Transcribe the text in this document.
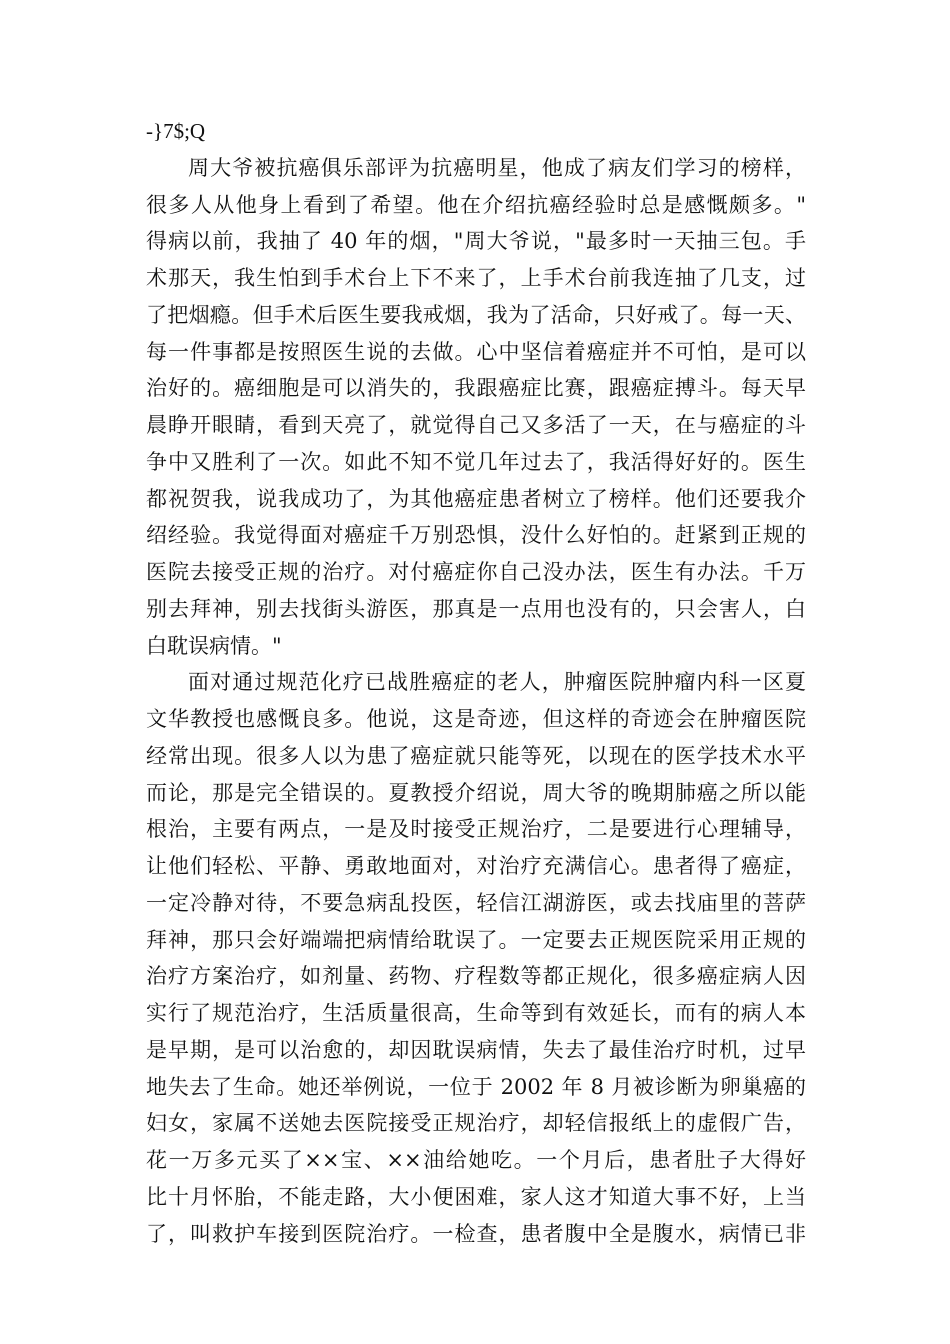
-}7$;Q
周大爷被抗癌俱乐部评为抗癌明星，他成了病友们学习的榜样，
很多人从他身上看到了希望。他在介绍抗癌经验时总是感慨颇多。"
得病以前，我抽了 40 年的烟，"周大爷说，"最多时一天抽三包。手
术那天，我生怕到手术台上下不来了，上手术台前我连抽了几支，过
了把烟瘾。但手术后医生要我戒烟，我为了活命，只好戒了。每一天、
每一件事都是按照医生说的去做。心中坚信着癌症并不可怕，是可以
治好的。癌细胞是可以消失的，我跟癌症比赛，跟癌症搏斗。每天早
晨睁开眼睛，看到天亮了，就觉得自己又多活了一天，在与癌症的斗
争中又胜利了一次。如此不知不觉几年过去了，我活得好好的。医生
都祝贺我，说我成功了，为其他癌症患者树立了榜样。他们还要我介
绍经验。我觉得面对癌症千万别恐惧，没什么好怕的。赶紧到正规的
医院去接受正规的治疗。对付癌症你自己没办法，医生有办法。千万
别去拜神，别去找街头游医，那真是一点用也没有的，只会害人，白
白耽误病情。"
面对通过规范化疗已战胜癌症的老人，肿瘤医院肿瘤内科一区夏
文华教授也感慨良多。他说，这是奇迹，但这样的奇迹会在肿瘤医院
经常出现。很多人以为患了癌症就只能等死，以现在的医学技术水平
而论，那是完全错误的。夏教授介绍说，周大爷的晚期肺癌之所以能
根治，主要有两点，一是及时接受正规治疗，二是要进行心理辅导，
让他们轻松、平静、勇敢地面对，对治疗充满信心。患者得了癌症，
一定冷静对待，不要急病乱投医，轻信江湖游医，或去找庙里的菩萨
拜神，那只会好端端把病情给耽误了。一定要去正规医院采用正规的
治疗方案治疗，如剂量、药物、疗程数等都正规化，很多癌症病人因
实行了规范治疗，生活质量很高，生命等到有效延长，而有的病人本
是早期，是可以治愈的，却因耽误病情，失去了最佳治疗时机，过早
地失去了生命。她还举例说，一位于 2002 年 8 月被诊断为卵巢癌的
妇女，家属不送她去医院接受正规治疗，却轻信报纸上的虚假广告，
花一万多元买了××宝、××油给她吃。一个月后，患者肚子大得好
比十月怀胎，不能走路，大小便困难，家人这才知道大事不好，上当
了，叫救护车接到医院治疗。一检查，患者腹中全是腹水，病情已非
